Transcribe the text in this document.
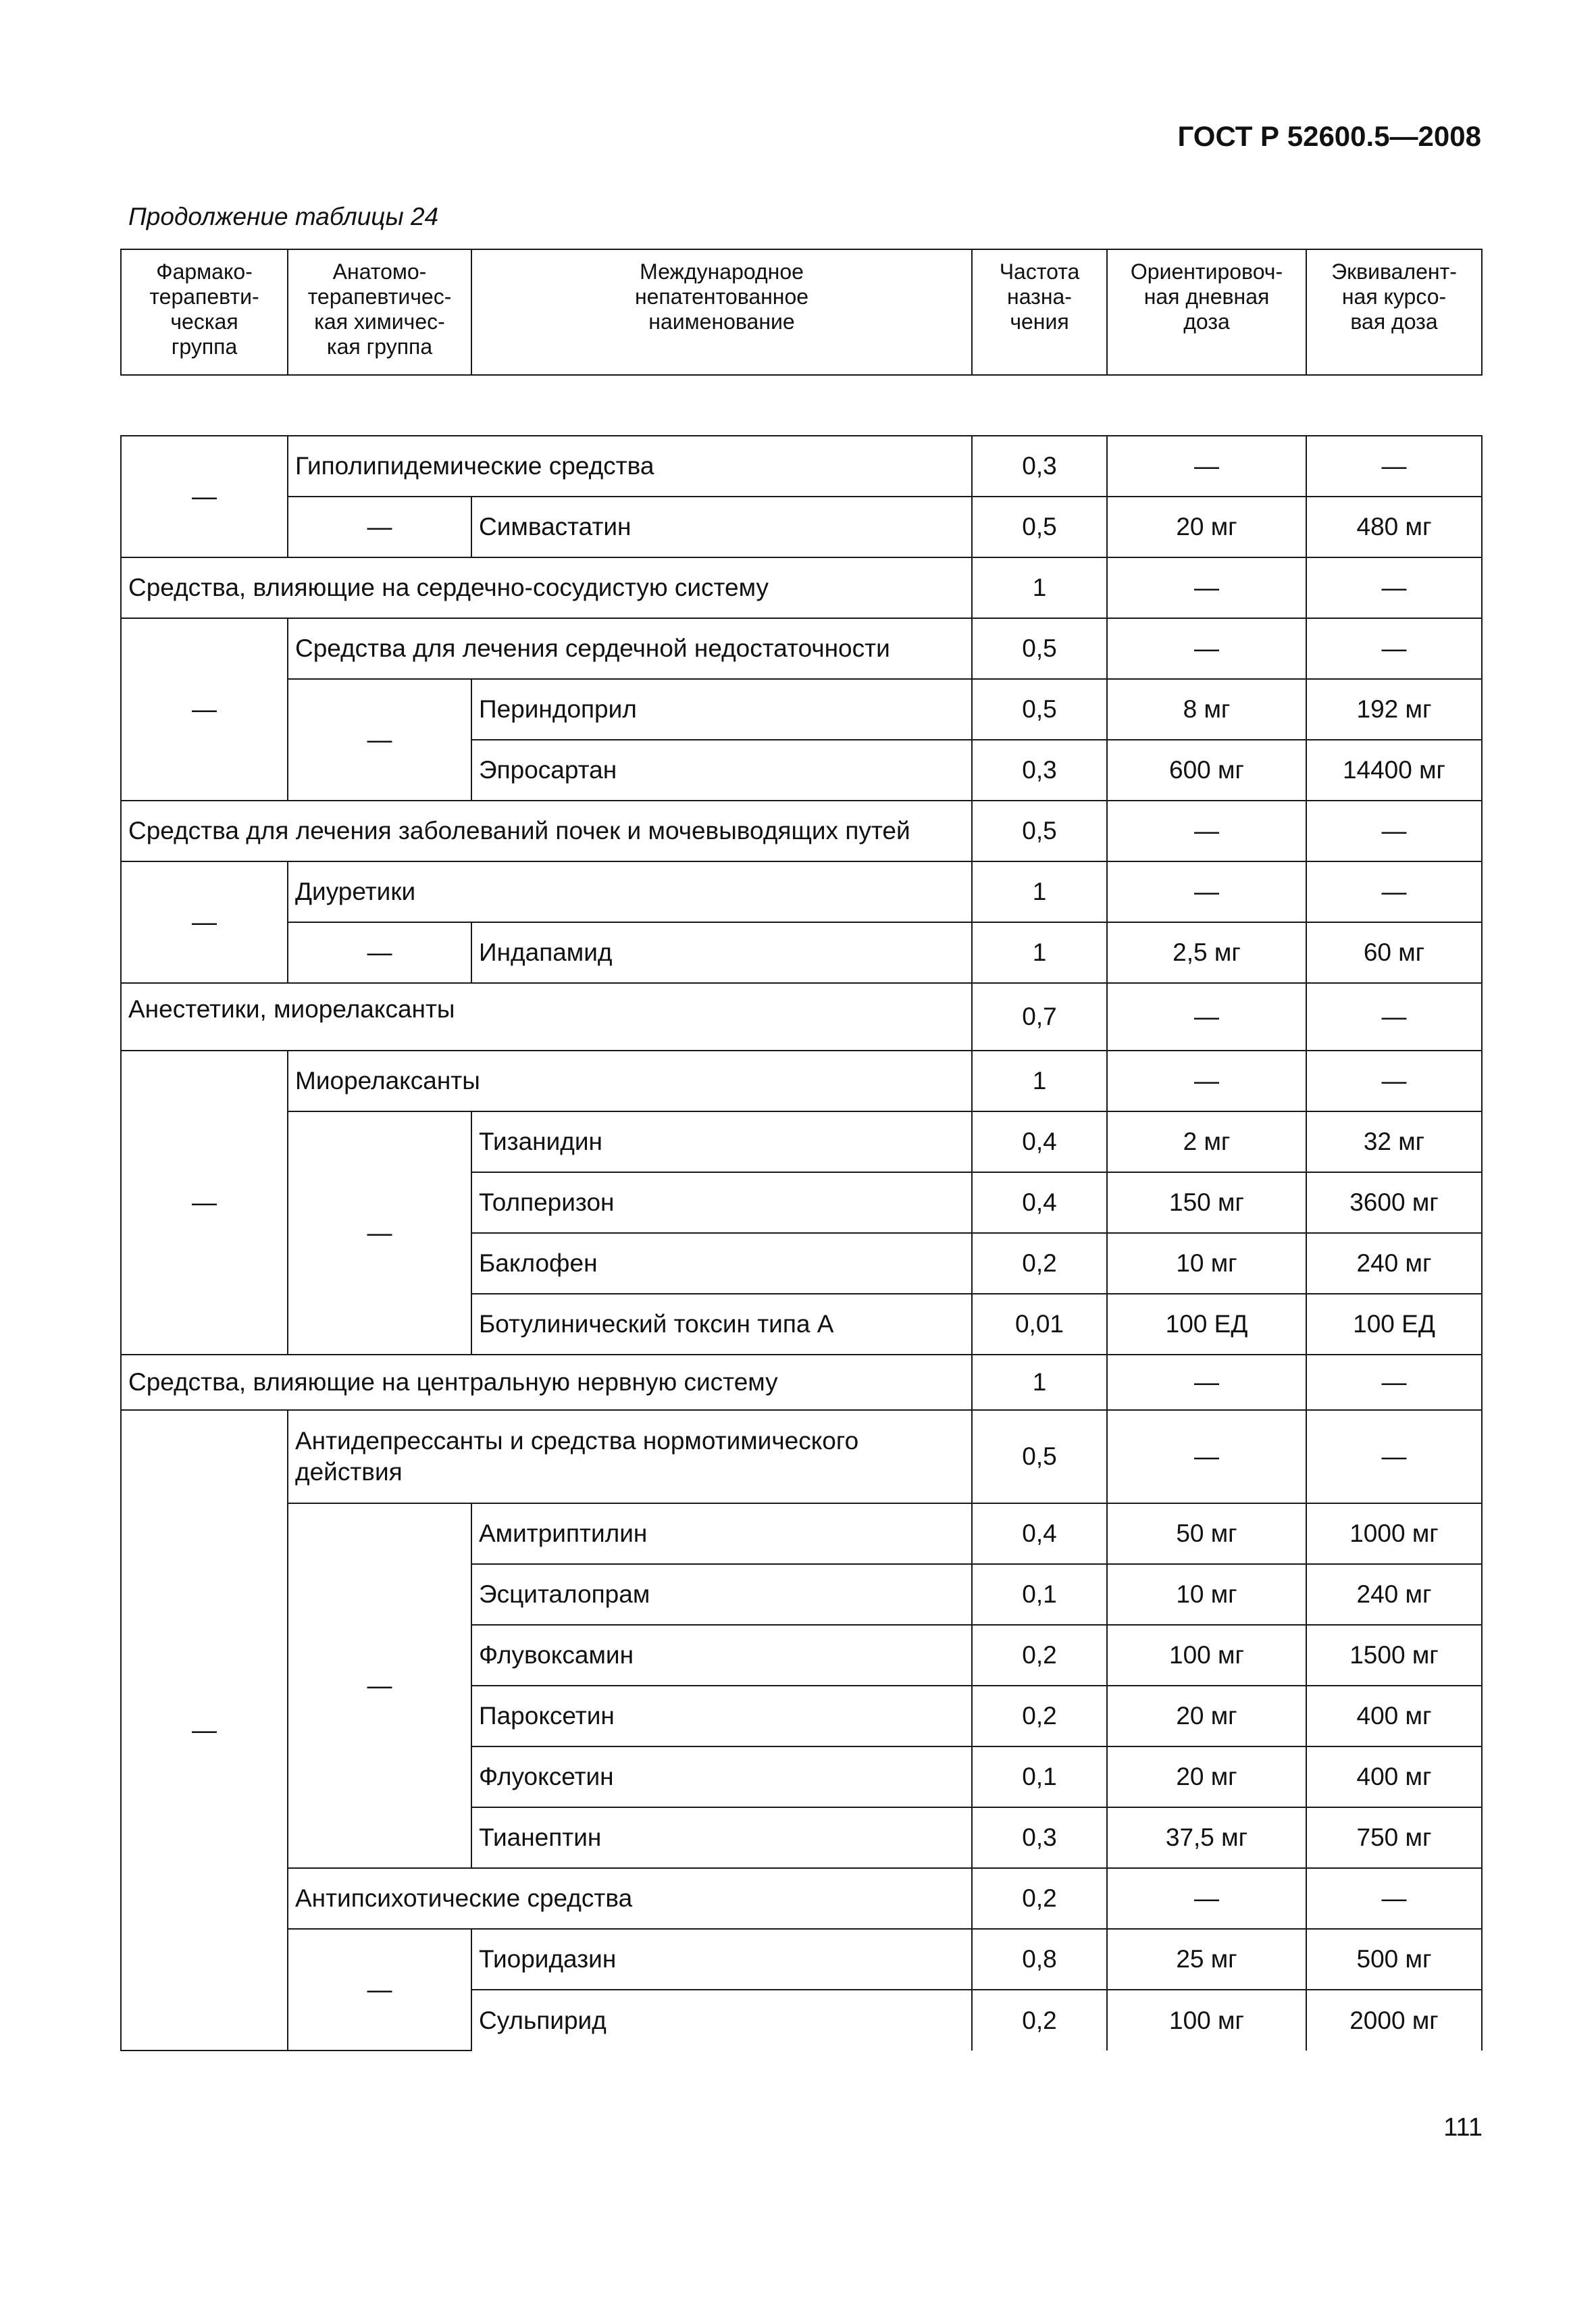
ГОСТ Р 52600.5—2008
Продолжение таблицы 24
Фармако-
терапевти-
ческая
группа	Анатомо-
терапевтичес-
кая химичес-
кая группа	Международное
непатентованное
наименование	Частота
назна-
чения	Ориентировоч-
ная дневная
доза	Эквивалент-
ная курсо-
вая доза

—	Гиполипидемические средства		0,3	—	—
	—	Симвастатин	0,5	20 мг	480 мг
Средства, влияющие на сердечно-сосудистую систему			1	—	—
—	Средства для лечения сердечной недостаточности		0,5	—	—
	—	Периндоприл	0,5	8 мг	192 мг
		Эпросартан	0,3	600 мг	14400 мг
Средства для лечения заболеваний почек и мочевыводящих путей			0,5	—	—
—	Диуретики		1	—	—
	—	Индапамид	1	2,5 мг	60 мг
Анестетики, миорелаксанты			0,7	—	—
—	Миорелаксанты		1	—	—
	—	Тизанидин	0,4	2 мг	32 мг
		Толперизон	0,4	150 мг	3600 мг
		Баклофен	0,2	10 мг	240 мг
		Ботулинический токсин типа А	0,01	100 ЕД	100 ЕД
Средства, влияющие на центральную нервную систему			1	—	—
—	Антидепрессанты и средства нормотимического действия		0,5	—	—
	—	Амитриптилин	0,4	50 мг	1000 мг
		Эсциталопрам	0,1	10 мг	240 мг
		Флувоксамин	0,2	100 мг	1500 мг
		Пароксетин	0,2	20 мг	400 мг
		Флуоксетин	0,1	20 мг	400 мг
		Тианептин	0,3	37,5 мг	750 мг
	Антипсихотические средства		0,2	—	—
	—	Тиоридазин	0,8	25 мг	500 мг
		Сульпирид	0,2	100 мг	2000 мг
111
